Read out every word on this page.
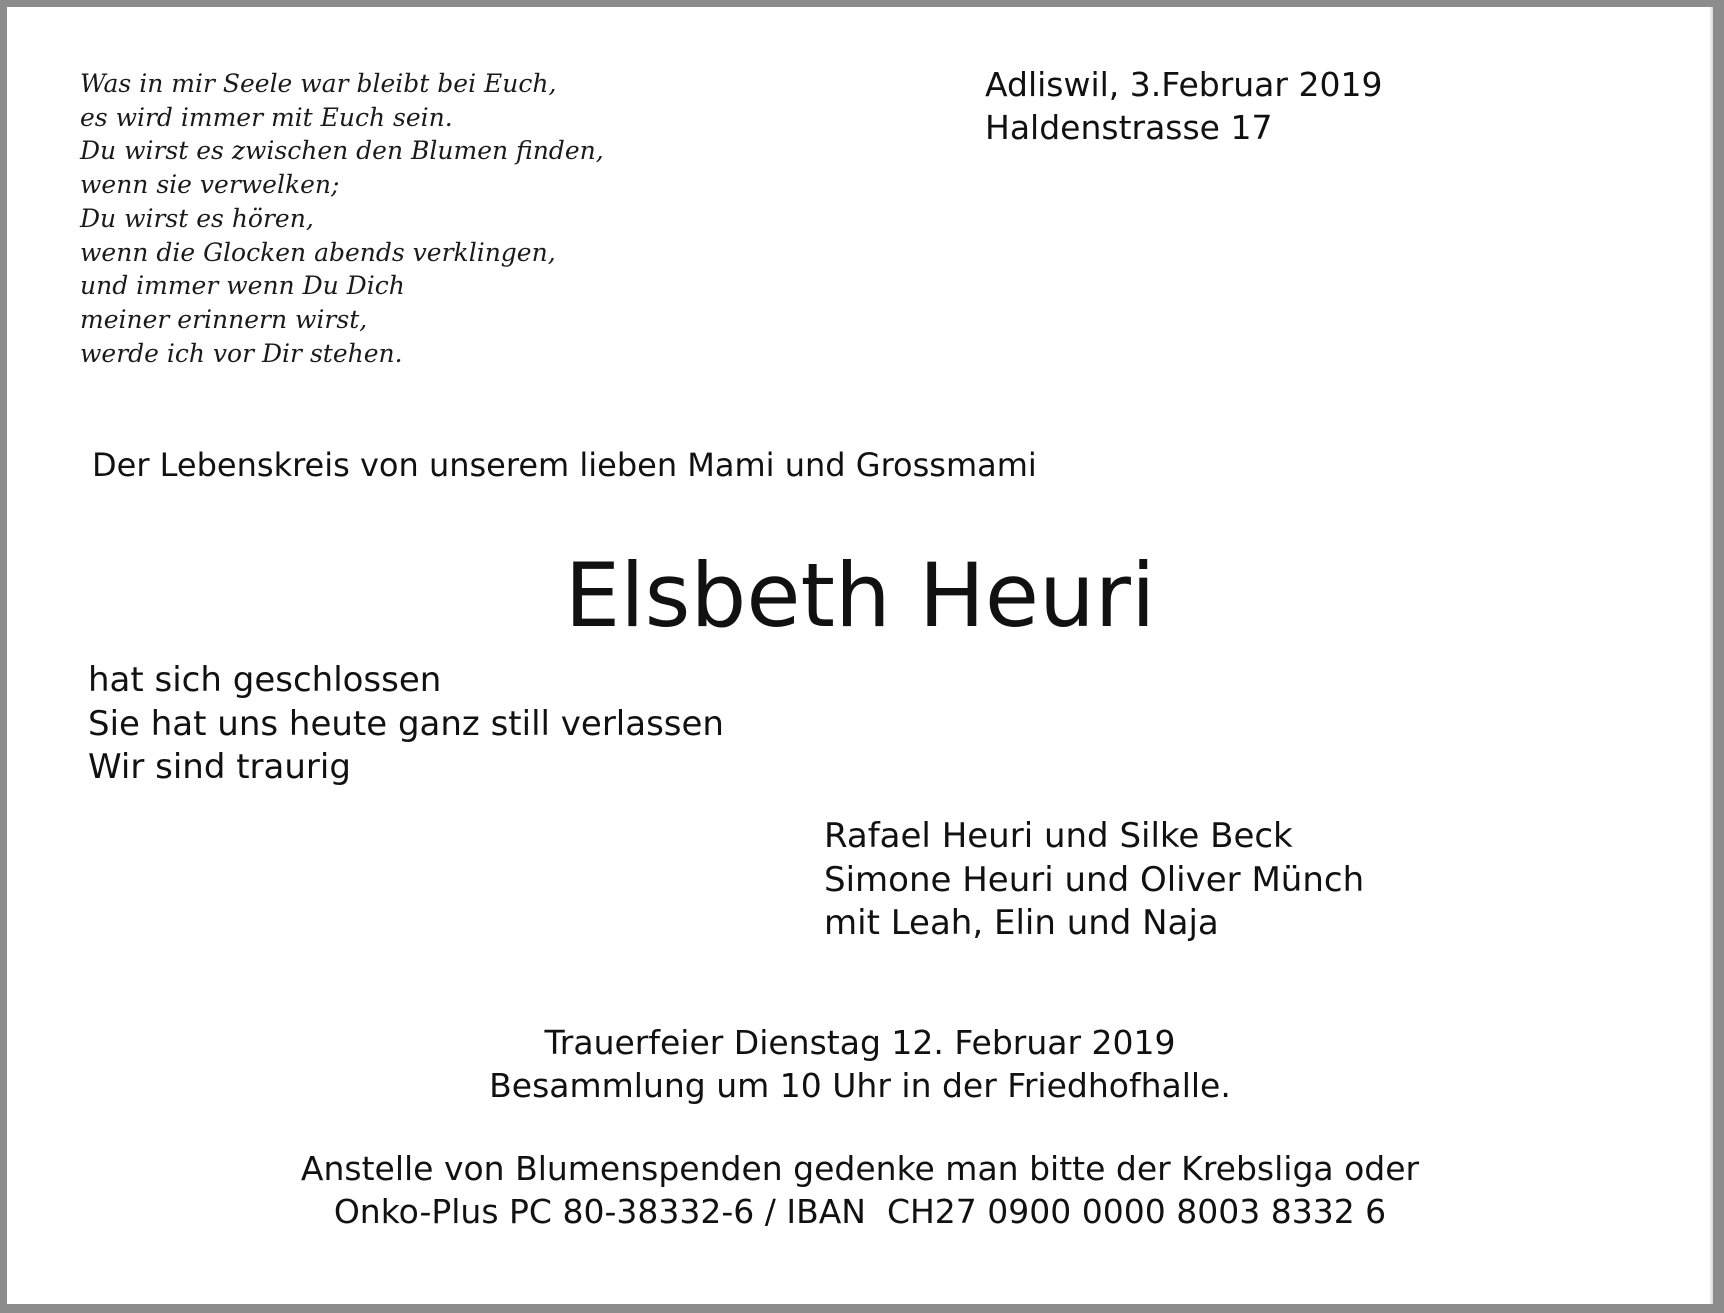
Was in mir Seele war bleibt bei Euch,
es wird immer mit Euch sein.
Du wirst es zwischen den Blumen finden,
wenn sie verwelken;
Du wirst es hören,
wenn die Glocken abends verklingen,
und immer wenn Du Dich
meiner erinnern wirst,
werde ich vor Dir stehen.
Adliswil, 3.Februar 2019
Haldenstrasse 17
Der Lebenskreis von unserem lieben Mami und Grossmami
Elsbeth Heuri
hat sich geschlossen
Sie hat uns heute ganz still verlassen
Wir sind traurig
Rafael Heuri und Silke Beck
Simone Heuri und Oliver Münch
mit Leah, Elin und Naja
Trauerfeier Dienstag 12. Februar 2019
Besammlung um 10 Uhr in der Friedhofhalle.
Anstelle von Blumenspenden gedenke man bitte der Krebsliga oder
Onko-Plus PC 80-38332-6 / IBAN  CH27 0900 0000 8003 8332 6
